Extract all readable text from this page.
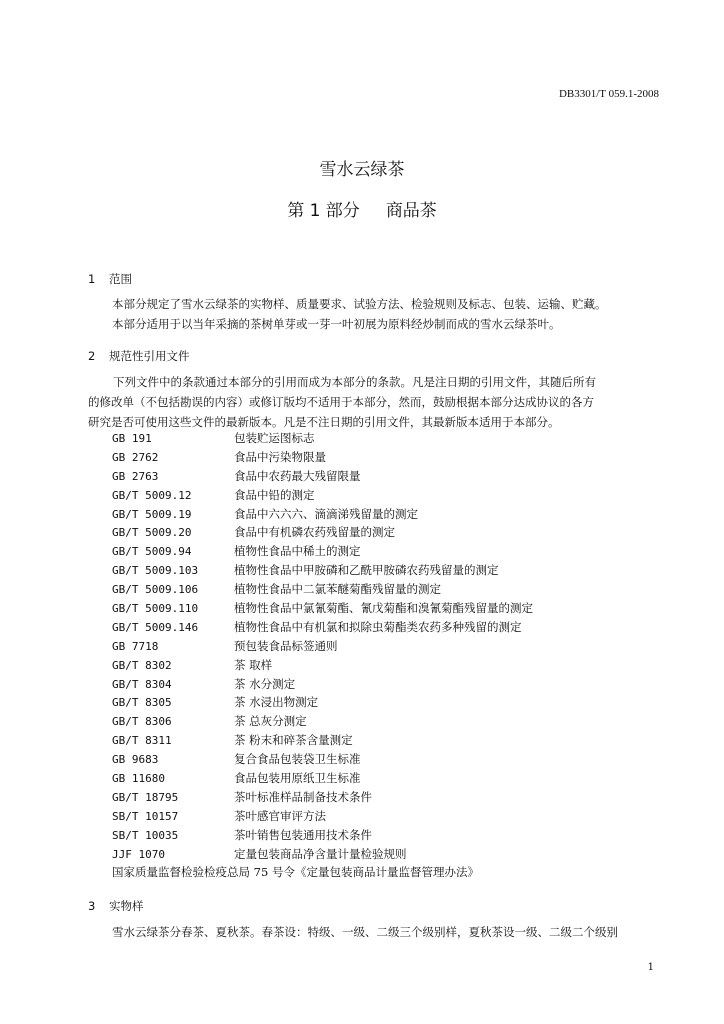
DB3301/T 059.1-2008
雪水云绿茶
第 1 部分 商品茶
1 范围
本部分规定了雪水云绿茶的实物样、质量要求、试验方法、检验规则及标志、包装、运输、贮藏。
本部分适用于以当年采摘的茶树单芽或一芽一叶初展为原料经炒制而成的雪水云绿茶叶。
2 规范性引用文件
下列文件中的条款通过本部分的引用而成为本部分的条款。凡是注日期的引用文件，其随后所有
的修改单（不包括勘误的内容）或修订版均不适用于本部分，然而，鼓励根据本部分达成协议的各方
研究是否可使用这些文件的最新版本。凡是不注日期的引用文件，其最新版本适用于本部分。
GB 191	包装贮运图标志
GB 2762	食品中污染物限量
GB 2763	食品中农药最大残留限量
GB/T 5009.12	食品中铅的测定
GB/T 5009.19	食品中六六六、滴滴涕残留量的测定
GB/T 5009.20	食品中有机磷农药残留量的测定
GB/T 5009.94	植物性食品中稀土的测定
GB/T 5009.103	植物性食品中甲胺磷和乙酰甲胺磷农药残留量的测定
GB/T 5009.106	植物性食品中二氯苯醚菊酯残留量的测定
GB/T 5009.110	植物性食品中氯氰菊酯、氰戊菊酯和溴氰菊酯残留量的测定
GB/T 5009.146	植物性食品中有机氯和拟除虫菊酯类农药多种残留的测定
GB 7718	预包装食品标签通则
GB/T 8302	茶 取样
GB/T 8304	茶 水分测定
GB/T 8305	茶 水浸出物测定
GB/T 8306	茶 总灰分测定
GB/T 8311	茶 粉末和碎茶含量测定
GB 9683	复合食品包装袋卫生标准
GB 11680	食品包装用原纸卫生标准
GB/T 18795	茶叶标准样品制备技术条件
SB/T 10157	茶叶感官审评方法
SB/T 10035	茶叶销售包装通用技术条件
JJF 1070	定量包装商品净含量计量检验规则
国家质量监督检验检疫总局 75 号令《定量包装商品计量监督管理办法》
3 实物样
雪水云绿茶分春茶、夏秋茶。春茶设：特级、一级、二级三个级别样，夏秋茶设一级、二级二个级别
1
